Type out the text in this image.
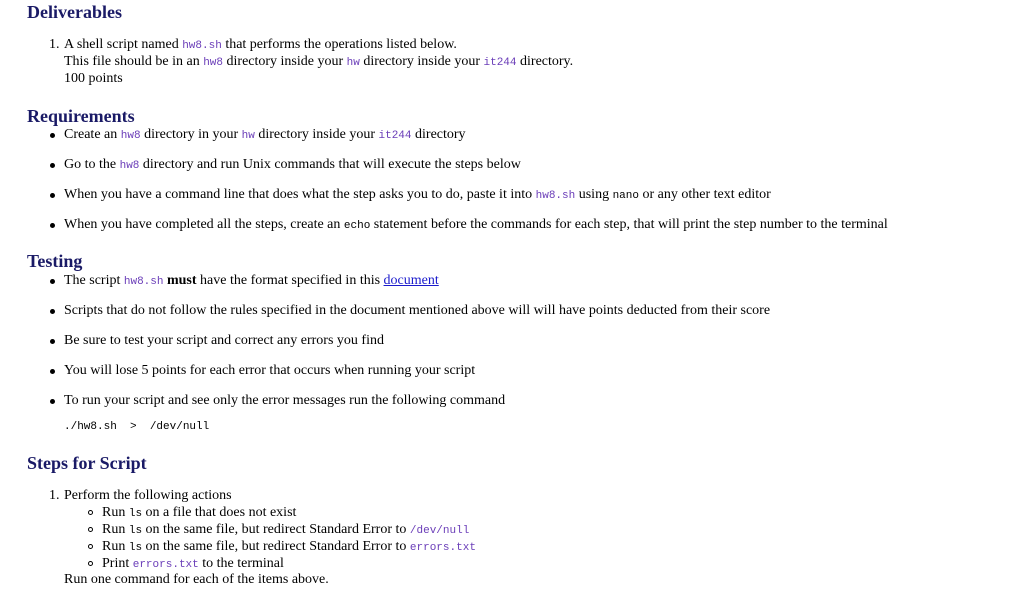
Deliverables
1. A shell script named hw8.sh that performs the operations listed below.
This file should be in an hw8 directory inside your hw directory inside your it244 directory.
100 points
Requirements
Create an hw8 directory in your hw directory inside your it244 directory
Go to the hw8 directory and run Unix commands that will execute the steps below
When you have a command line that does what the step asks you to do, paste it into hw8.sh using nano or any other text editor
When you have completed all the steps, create an echo statement before the commands for each step, that will print the step number to the terminal
Testing
The script hw8.sh must have the format specified in this document
Scripts that do not follow the rules specified in the document mentioned above will will have points deducted from their score
Be sure to test your script and correct any errors you find
You will lose 5 points for each error that occurs when running your script
To run your script and see only the error messages run the following command
./hw8.sh  >  /dev/null
Steps for Script
1. Perform the following actions
Run ls on a file that does not exist
Run ls on the same file, but redirect Standard Error to /dev/null
Run ls on the same file, but redirect Standard Error to errors.txt
Print errors.txt to the terminal
Run one command for each of the items above.
